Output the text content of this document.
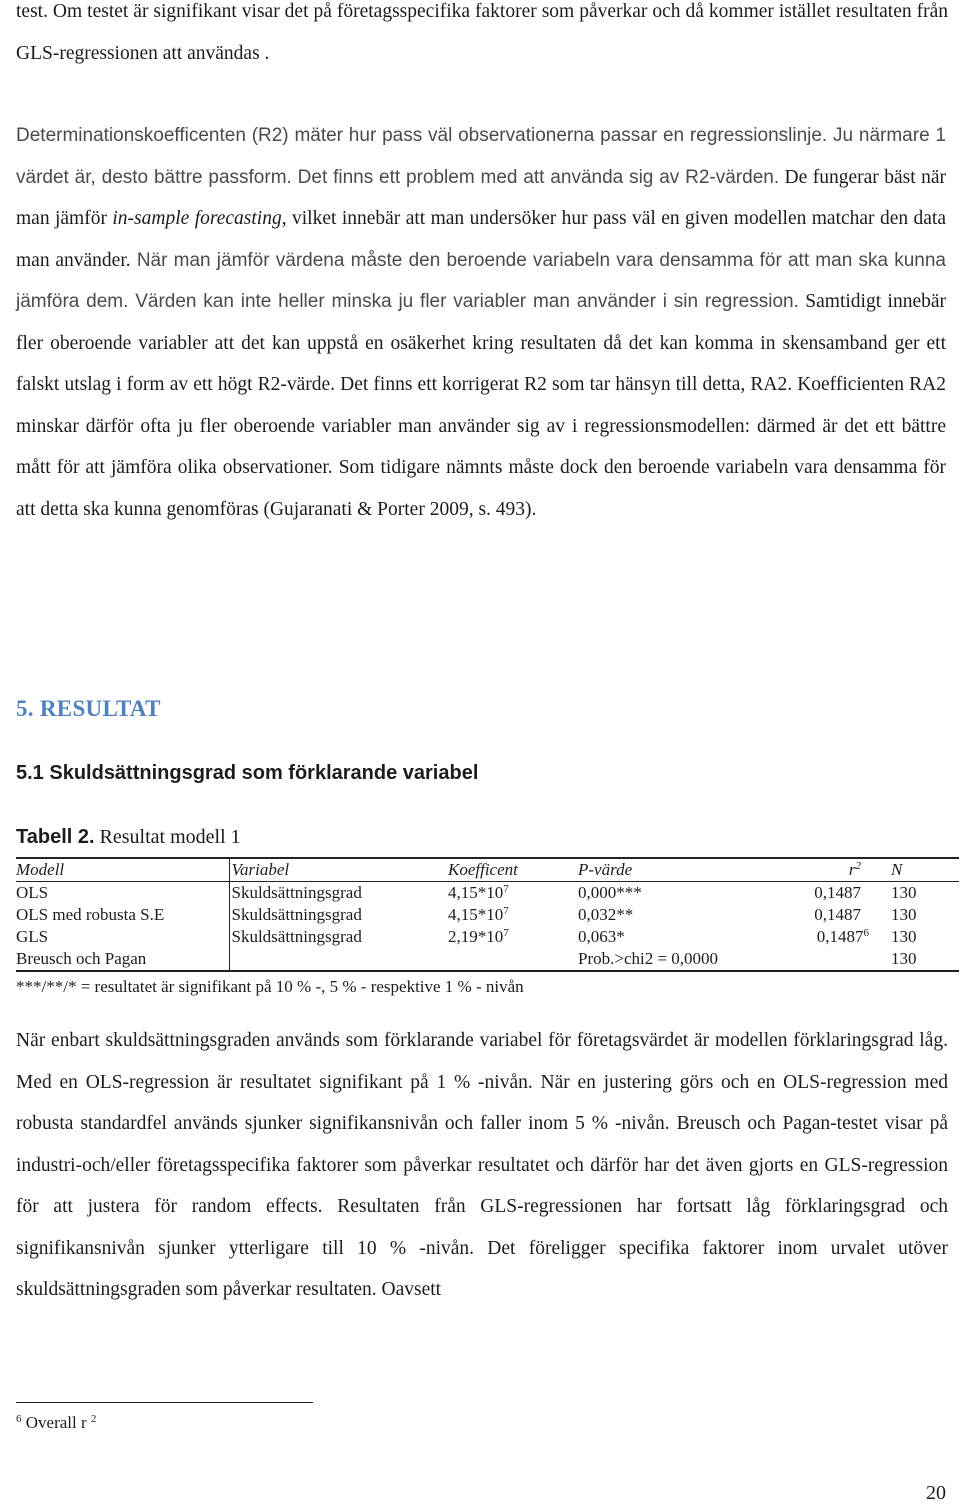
test. Om testet är signifikant visar det på företagsspecifika faktorer som påverkar och då kommer istället resultaten från GLS-regressionen att användas .

Determinationskoefficenten (R2) mäter hur pass väl observationerna passar en regressionslinje. Ju närmare 1 värdet är, desto bättre passform. Det finns ett problem med att använda sig av R2-värden. De fungerar bäst när man jämför in-sample forecasting, vilket innebär att man undersöker hur pass väl en given modellen matchar den data man använder. När man jämför värdena måste den beroende variabeln vara densamma för att man ska kunna jämföra dem. Värden kan inte heller minska ju fler variabler man använder i sin regression. Samtidigt innebär fler oberoende variabler att det kan uppstå en osäkerhet kring resultaten då det kan komma in skensamband ger ett falskt utslag i form av ett högt R2-värde. Det finns ett korrigerat R2 som tar hänsyn till detta, RA2. Koefficienten RA2 minskar därför ofta ju fler oberoende variabler man använder sig av i regressionsmodellen: därmed är det ett bättre mått för att jämföra olika observationer. Som tidigare nämnts måste dock den beroende variabeln vara densamma för att detta ska kunna genomföras (Gujaranati & Porter 2009, s. 493).

5. RESULTAT
5.1 Skuldsättningsgrad som förklarande variabel

Tabell 2. Resultat modell 1

Modell	Variabel	Koefficent	P-värde	$r^2$	N
OLS	Skuldsättningsgrad	$4,15*10^7$	0,000***	0,1487	130
OLS med robusta S.E	Skuldsättningsgrad	$4,15*10^7$	0,032**	0,1487	130
GLS	Skuldsättningsgrad	$2,19*10^7$	0,063*	0,1487$^6$	130
Breusch och Pagan			Prob.>chi2 = 0,0000		130

***/**/* = resultatet är signifikant på 10 % -, 5 % - respektive 1 % - nivån

När enbart skuldsättningsgraden används som förklarande variabel för företagsvärdet är modellen förklaringsgrad låg. Med en OLS-regression är resultatet signifikant på 1 % -nivån. När en justering görs och en OLS-regression med robusta standardfel används sjunker signifikansnivån och faller inom 5 % -nivån. Breusch och Pagan-testet visar på industri-och/eller företagsspecifika faktorer som påverkar resultatet och därför har det även gjorts en GLS-regression för att justera för random effects. Resultaten från GLS-regressionen har fortsatt låg förklaringsgrad och signifikansnivån sjunker ytterligare till 10 % -nivån. Det föreligger specifika faktorer inom urvalet utöver skuldsättningsgraden som påverkar resultaten. Oavsett

$^6$ Overall r $^2$

20
